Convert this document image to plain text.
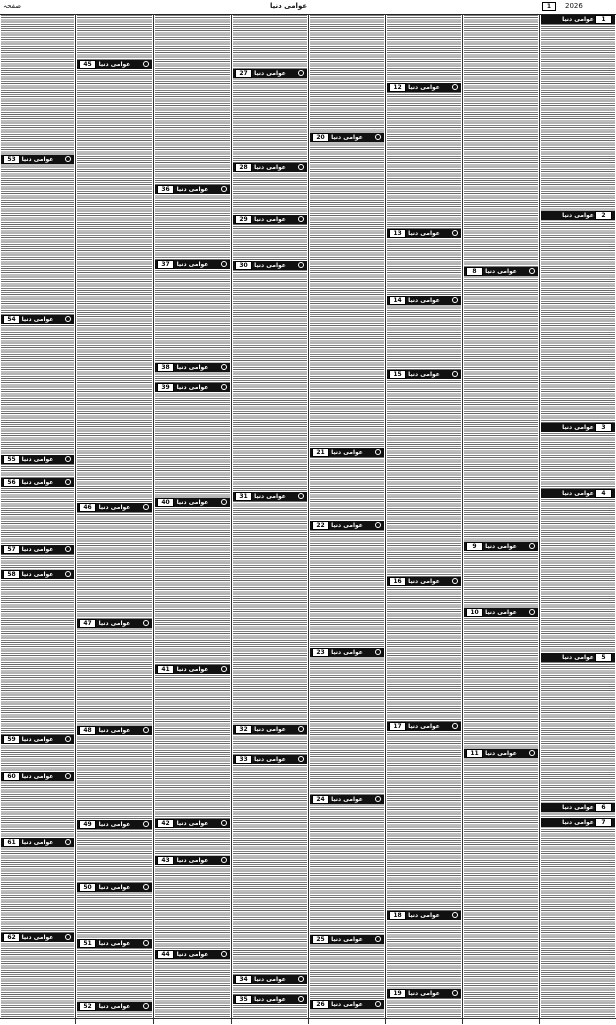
صفحہ	عوامی دنیا	2026
1
53 عوامی دنیا
54 عوامی دنیا
55 عوامی دنیا
56 عوامی دنیا
57 عوامی دنیا
58 عوامی دنیا
59 عوامی دنیا
60 عوامی دنیا
61 عوامی دنیا
62 عوامی دنیا
45	عوامی دنیا
46	عوامی دنیا
47	عوامی دنیا
48	عوامی دنیا
49	عوامی دنیا
50	عوامی دنیا
51	عوامی دنیا
52	عوامی دنیا
36	عوامی دنیا
37	عوامی دنیا
38	عوامی دنیا
39	عوامی دنیا
40	عوامی دنیا
41	عوامی دنیا
42	عوامی دنیا
43	عوامی دنیا
44	عوامی دنیا
27	عوامی دنیا
28	عوامی دنیا
29	عوامی دنیا
30	عوامی دنیا
31	عوامی دنیا
32	عوامی دنیا
33	عوامی دنیا
34	عوامی دنیا
35	عوامی دنیا
20	عوامی دنیا
21	عوامی دنیا
22	عوامی دنیا
23	عوامی دنیا
24	عوامی دنیا
25	عوامی دنیا
26	عوامی دنیا
12	عوامی دنیا
13	عوامی دنیا
14	عوامی دنیا
15	عوامی دنیا
16	عوامی دنیا
17	عوامی دنیا
18	عوامی دنیا
19	عوامی دنیا
8	عوامی دنیا
9	عوامی دنیا
10	عوامی دنیا
11	عوامی دنیا
1
عوامی دنیا
2
عوامی دنیا
3
عوامی دنیا
4
عوامی دنیا
5
عوامی دنیا
6
عوامی دنیا
7
عوامی دنیا
